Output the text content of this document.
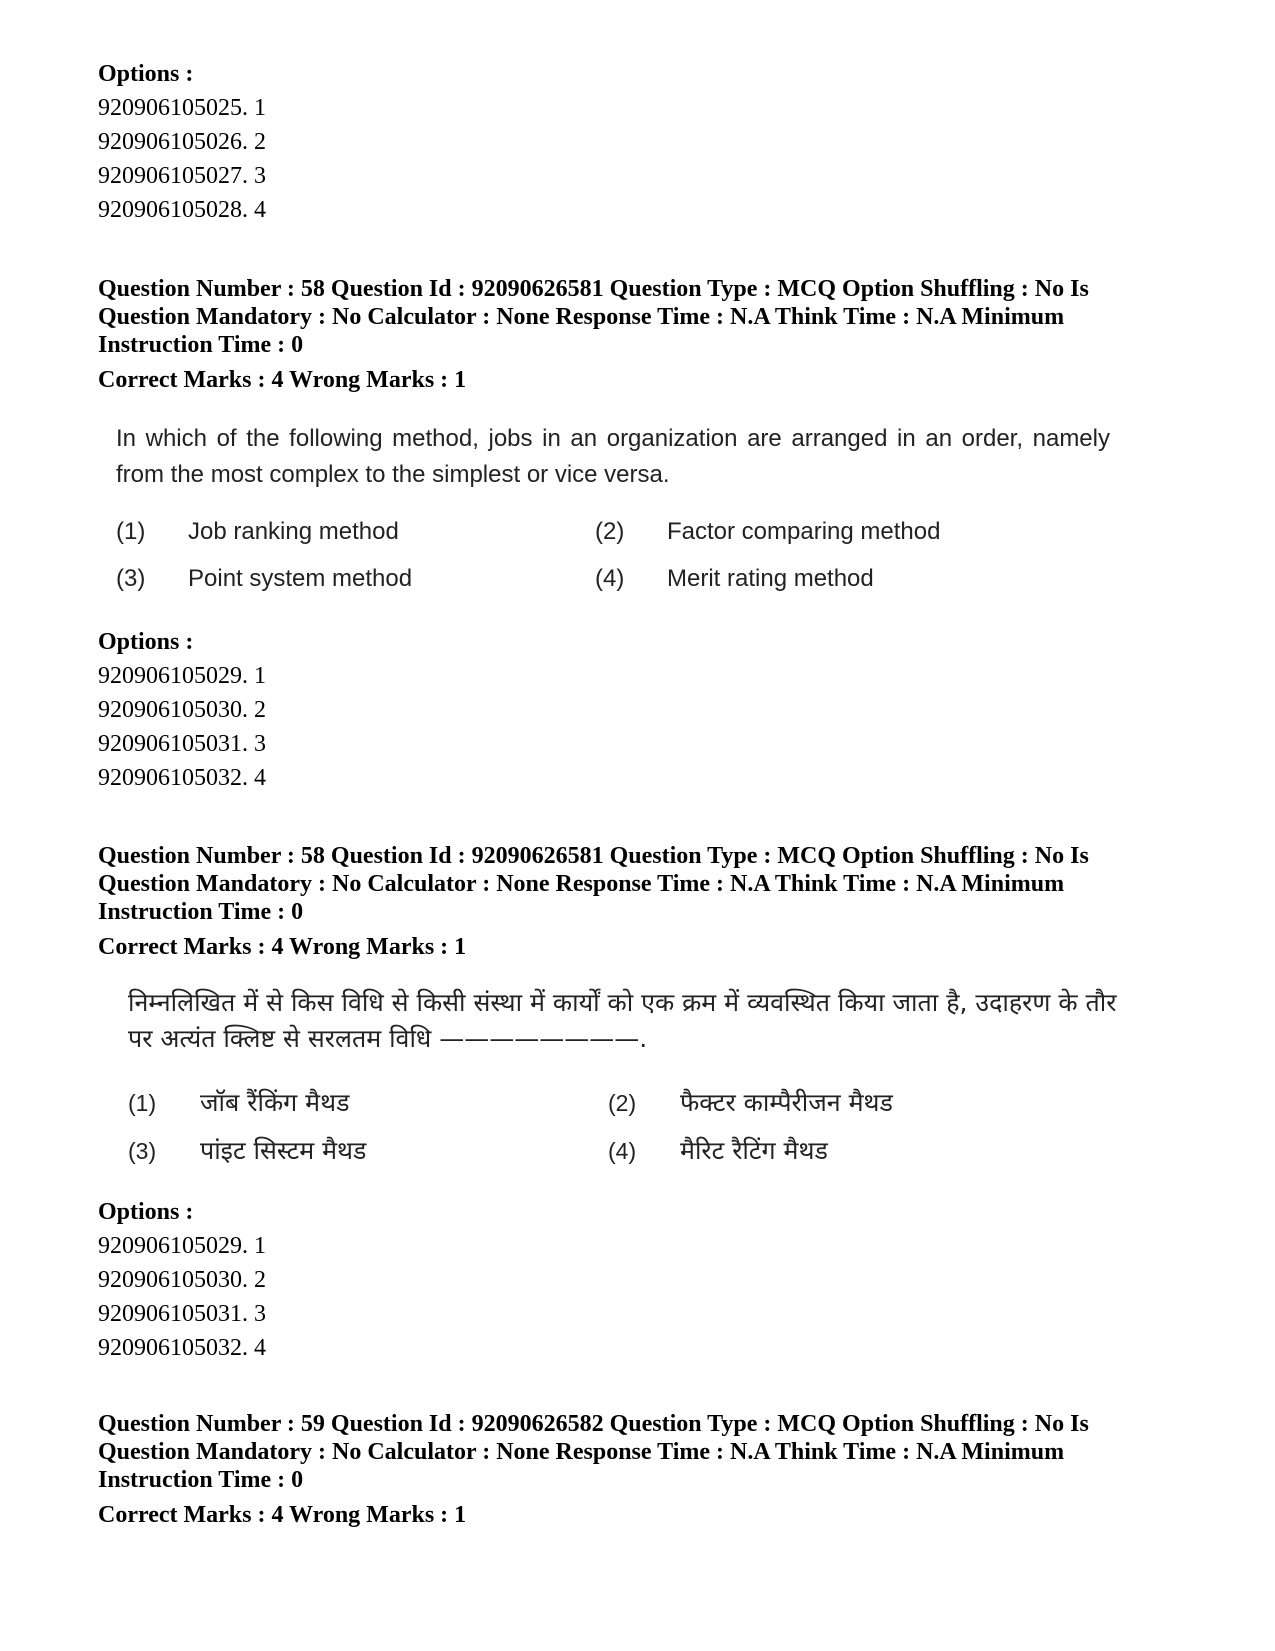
Options :
920906105025. 1
920906105026. 2
920906105027. 3
920906105028. 4
Question Number : 58 Question Id : 92090626581 Question Type : MCQ Option Shuffling : No Is Question Mandatory : No Calculator : None Response Time : N.A Think Time : N.A Minimum Instruction Time : 0
Correct Marks : 4 Wrong Marks : 1
In which of the following method, jobs in an organization are arranged in an order, namely from the most complex to the simplest or vice versa.
(1) Job ranking method	(2) Factor comparing method
(3) Point system method	(4) Merit rating method
Options :
920906105029. 1
920906105030. 2
920906105031. 3
920906105032. 4
Question Number : 58 Question Id : 92090626581 Question Type : MCQ Option Shuffling : No Is Question Mandatory : No Calculator : None Response Time : N.A Think Time : N.A Minimum Instruction Time : 0
Correct Marks : 4 Wrong Marks : 1
निम्नलिखित में से किस विधि से किसी संस्था में कार्यों को एक क्रम में व्यवस्थित किया जाता है, उदाहरण के तौर पर अत्यंत क्लिष्ट से सरलतम विधि ————————.
(1) जॉब रैंकिंग मैथड	(2) फैक्टर काम्पैरीजन मैथड
(3) पांइट सिस्टम मैथड	(4) मैरिट रैटिंग मैथड
Options :
920906105029. 1
920906105030. 2
920906105031. 3
920906105032. 4
Question Number : 59 Question Id : 92090626582 Question Type : MCQ Option Shuffling : No Is Question Mandatory : No Calculator : None Response Time : N.A Think Time : N.A Minimum Instruction Time : 0
Correct Marks : 4 Wrong Marks : 1
